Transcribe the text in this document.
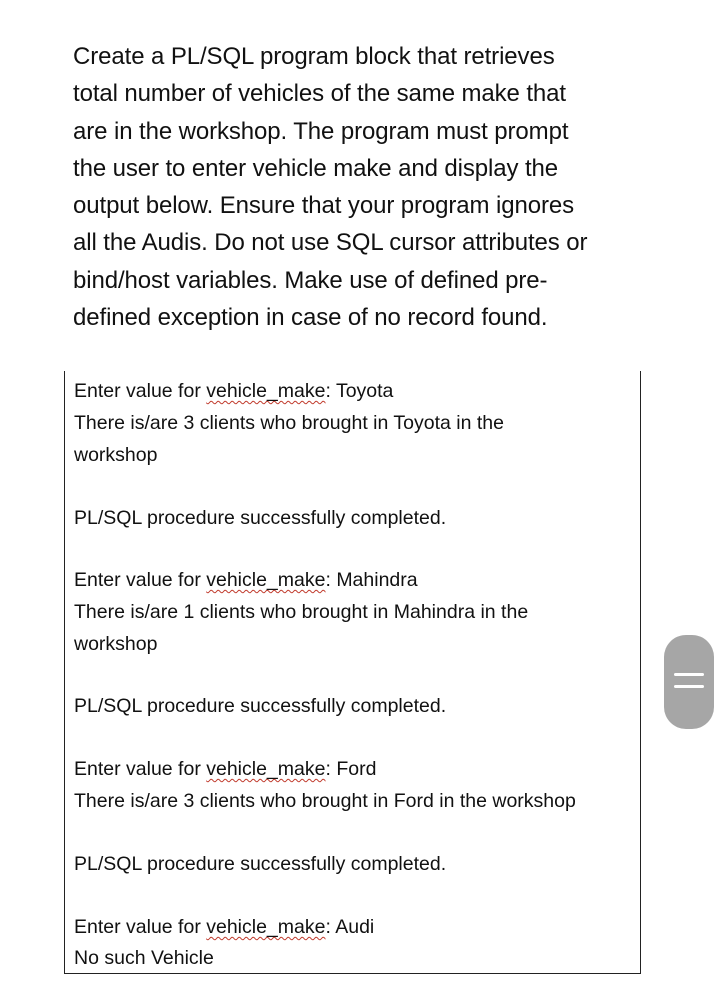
Create a PL/SQL program block that retrieves
total number of vehicles of the same make that
are in the workshop. The program must prompt
the user to enter vehicle make and display the
output below. Ensure that your program ignores
all the Audis. Do not use SQL cursor attributes or
bind/host variables. Make use of defined pre-
defined exception in case of no record found.
Enter value for vehicle_make: Toyota
There is/are 3 clients who brought in Toyota in the
workshop
PL/SQL procedure successfully completed.
Enter value for vehicle_make: Mahindra
There is/are 1 clients who brought in Mahindra in the
workshop
PL/SQL procedure successfully completed.
Enter value for vehicle_make: Ford
There is/are 3 clients who brought in Ford in the workshop
PL/SQL procedure successfully completed.
Enter value for vehicle_make: Audi
No such Vehicle
